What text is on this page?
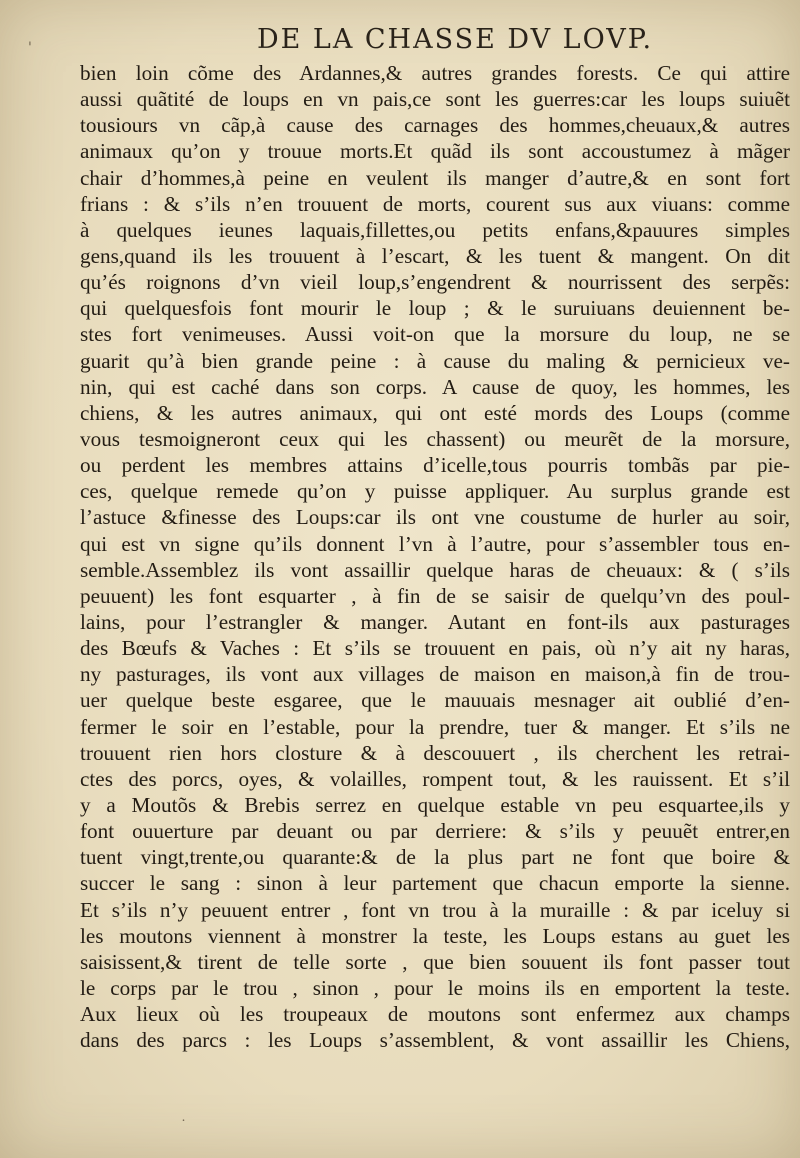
DE LA CHASSE DV LOVP.
'
˙
bien loin cõme des Ardannes,& autres grandes forests. Ce qui attire
aussi quãtité de loups en vn pais,ce sont les guerres:car les loups suiuẽt
tousiours vn cãp,à cause des carnages des hommes,cheuaux,& autres
animaux qu’on y trouue morts.Et quãd ils sont accoustumez à mãger
chair d’hommes,à peine en veulent ils manger d’autre,& en sont fort
frians : & s’ils n’en trouuent de morts, courent sus aux viuans: comme
à quelques ieunes laquais,fillettes,ou petits enfans,&pauures simples
gens,quand ils les trouuent à l’escart, & les tuent & mangent. On dit
qu’és roignons d’vn vieil loup,s’engendrent & nourrissent des serpẽs:
qui quelquesfois font mourir le loup ; & le suruiuans deuiennent be-
stes fort venimeuses. Aussi voit-on que la morsure du loup, ne se
guarit qu’à bien grande peine : à cause du maling & pernicieux ve-
nin, qui est caché dans son corps. A cause de quoy, les hommes, les
chiens, & les autres animaux, qui ont esté mords des Loups (comme
vous tesmoigneront ceux qui les chassent) ou meurẽt de la morsure,
ou perdent les membres attains d’icelle,tous pourris tombãs par pie-
ces, quelque remede qu’on y puisse appliquer. Au surplus grande est
l’astuce &finesse des Loups:car ils ont vne coustume de hurler au soir,
qui est vn signe qu’ils donnent l’vn à l’autre, pour s’assembler tous en-
semble.Assemblez ils vont assaillir quelque haras de cheuaux: & ( s’ils
peuuent) les font esquarter , à fin de se saisir de quelqu’vn des poul-
lains, pour l’estrangler & manger. Autant en font-ils aux pasturages
des Bœufs & Vaches : Et s’ils se trouuent en pais, où n’y ait ny haras,
ny pasturages, ils vont aux villages de maison en maison,à fin de trou-
uer quelque beste esgaree, que le mauuais mesnager ait oublié d’en-
fermer le soir en l’estable, pour la prendre, tuer & manger. Et s’ils ne
trouuent rien hors closture & à descouuert , ils cherchent les retrai-
ctes des porcs, oyes, & volailles, rompent tout, & les rauissent. Et s’il
y a Moutõs & Brebis serrez en quelque estable vn peu esquartee,ils y
font ouuerture par deuant ou par derriere: & s’ils y peuuẽt entrer,en
tuent vingt,trente,ou quarante:& de la plus part ne font que boire &
succer le sang : sinon à leur partement que chacun emporte la sienne.
Et s’ils n’y peuuent entrer , font vn trou à la muraille : & par iceluy si
les moutons viennent à monstrer la teste, les Loups estans au guet les
saisissent,& tirent de telle sorte , que bien souuent ils font passer tout
le corps par le trou , sinon , pour le moins ils en emportent la teste.
Aux lieux où les troupeaux de moutons sont enfermez aux champs
dans des parcs : les Loups s’assemblent, & vont assaillir les Chiens,
